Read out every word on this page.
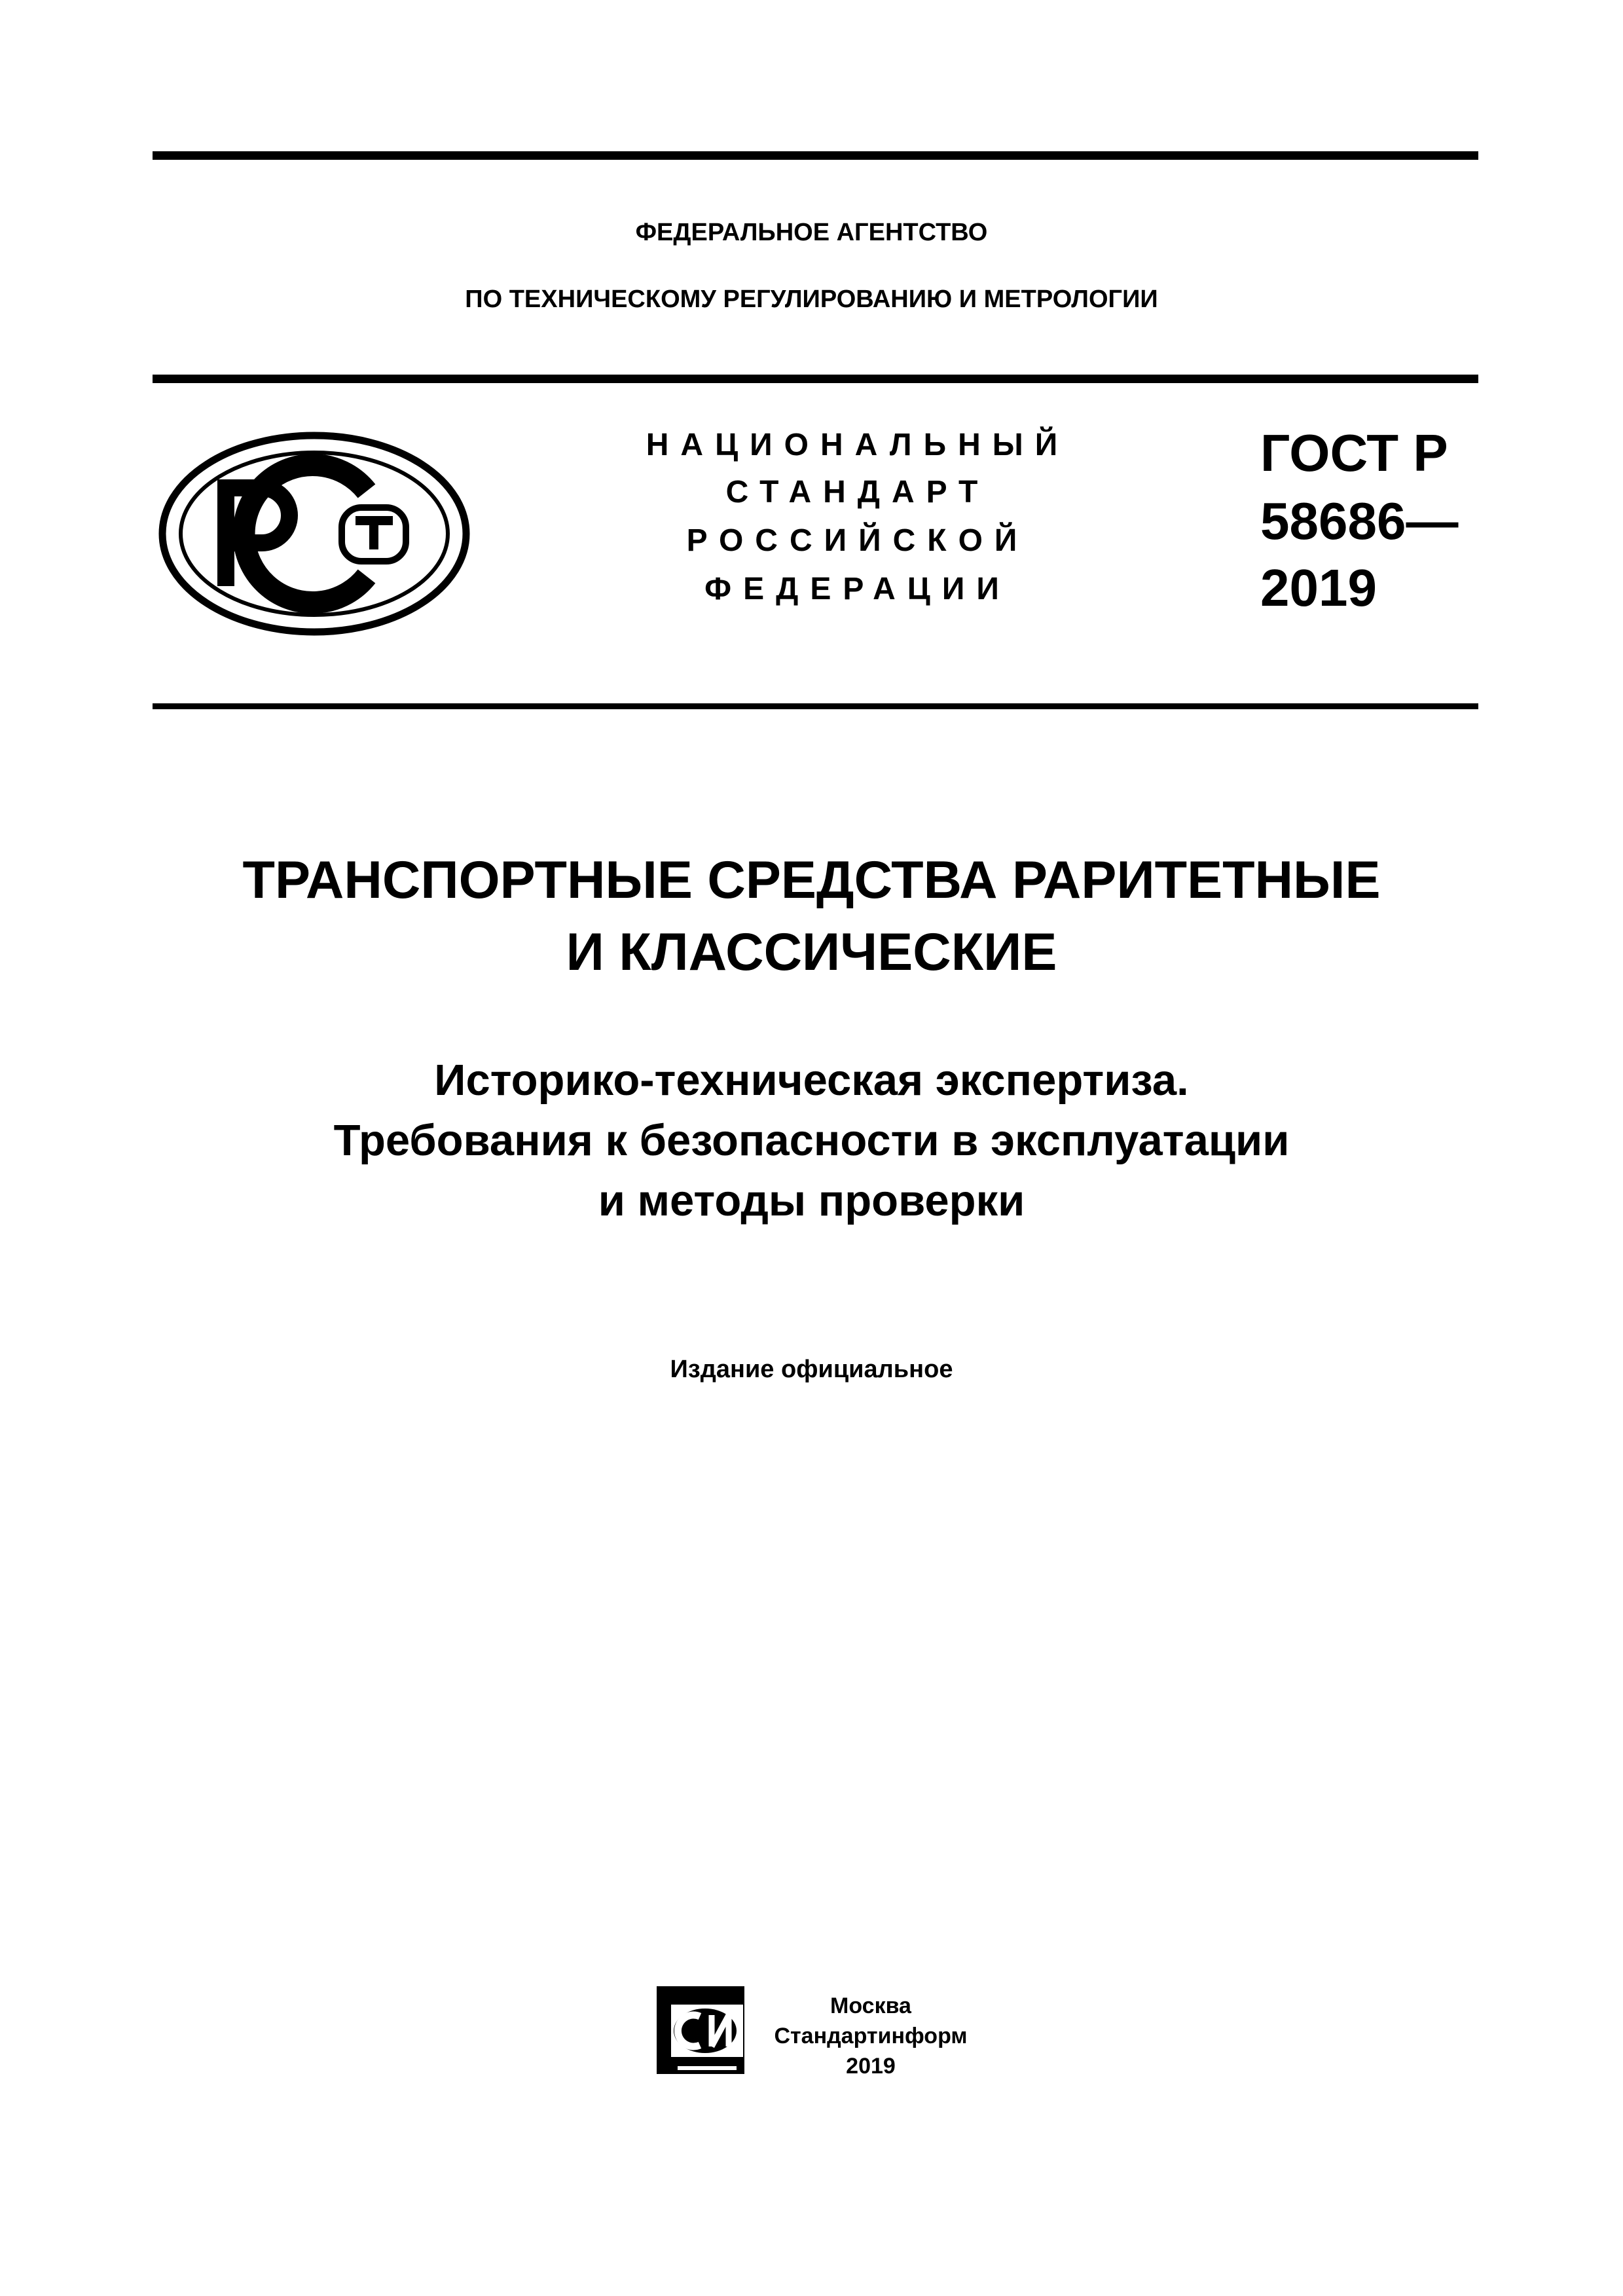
ФЕДЕРАЛЬНОЕ АГЕНТСТВО
ПО ТЕХНИЧЕСКОМУ РЕГУЛИРОВАНИЮ И МЕТРОЛОГИИ
НАЦИОНАЛЬНЫЙ
СТАНДАРТ
РОССИЙСКОЙ
ФЕДЕРАЦИИ
ГОСТ Р
58686—
2019
ТРАНСПОРТНЫЕ СРЕДСТВА РАРИТЕТНЫЕ
И КЛАССИЧЕСКИЕ
Историко-техническая экспертиза.
Требования к безопасности в эксплуатации
и методы проверки
Издание официальное
Москва
Стандартинформ
2019
